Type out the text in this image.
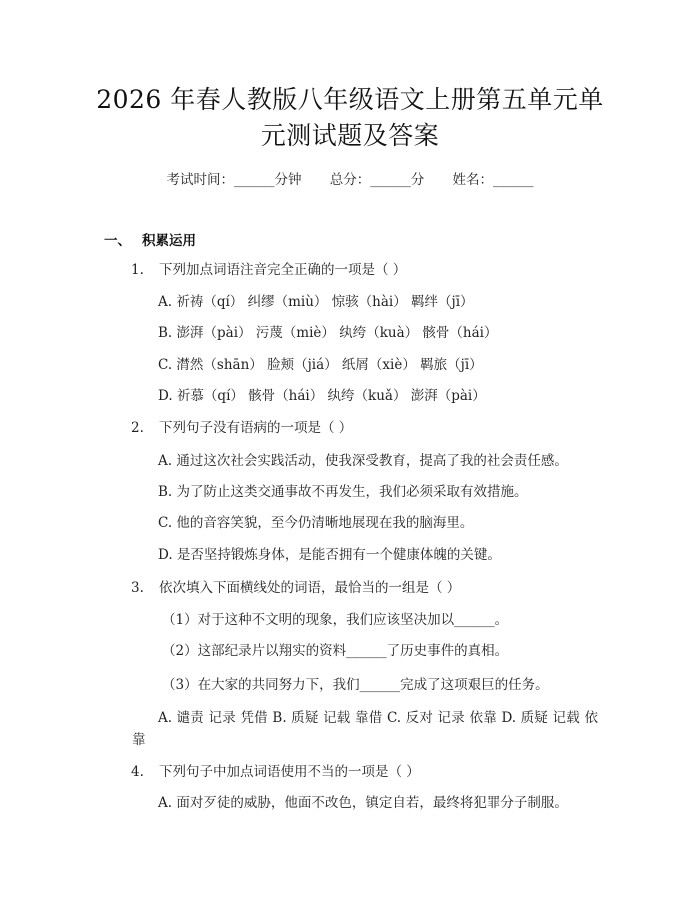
2026 年春人教版八年级语文上册第五单元单
元测试题及答案
考试时间：______分钟 总分：______分 姓名：______
一、 积累运用
1. 下列加点词语注音完全正确的一项是（ ）
A. 祈祷（qí） 纠缪（miù） 惊骇（hài） 羁绊（jī）
B. 澎湃（pài） 污蔑（miè） 纨绔（kuà） 骸骨（hái）
C. 潸然（shān） 脸颊（jiá） 纸屑（xiè） 羁旅（jī）
D. 祈慕（qí） 骸骨（hái） 纨绔（kuǎ） 澎湃（pài）
2. 下列句子没有语病的一项是（ ）
A. 通过这次社会实践活动，使我深受教育，提高了我的社会责任感。
B. 为了防止这类交通事故不再发生，我们必须采取有效措施。
C. 他的音容笑貌，至今仍清晰地展现在我的脑海里。
D. 是否坚持锻炼身体，是能否拥有一个健康体魄的关键。
3. 依次填入下面横线处的词语，最恰当的一组是（ ）
（1）对于这种不文明的现象，我们应该坚决加以______。
（2）这部纪录片以翔实的资料______了历史事件的真相。
（3）在大家的共同努力下，我们______完成了这项艰巨的任务。
A. 谴责 记录 凭借 B. 质疑 记载 靠借 C. 反对 记录 依靠 D. 质疑 记载 依靠
4. 下列句子中加点词语使用不当的一项是（ ）
A. 面对歹徒的威胁，他面不改色，镇定自若，最终将犯罪分子制服。
